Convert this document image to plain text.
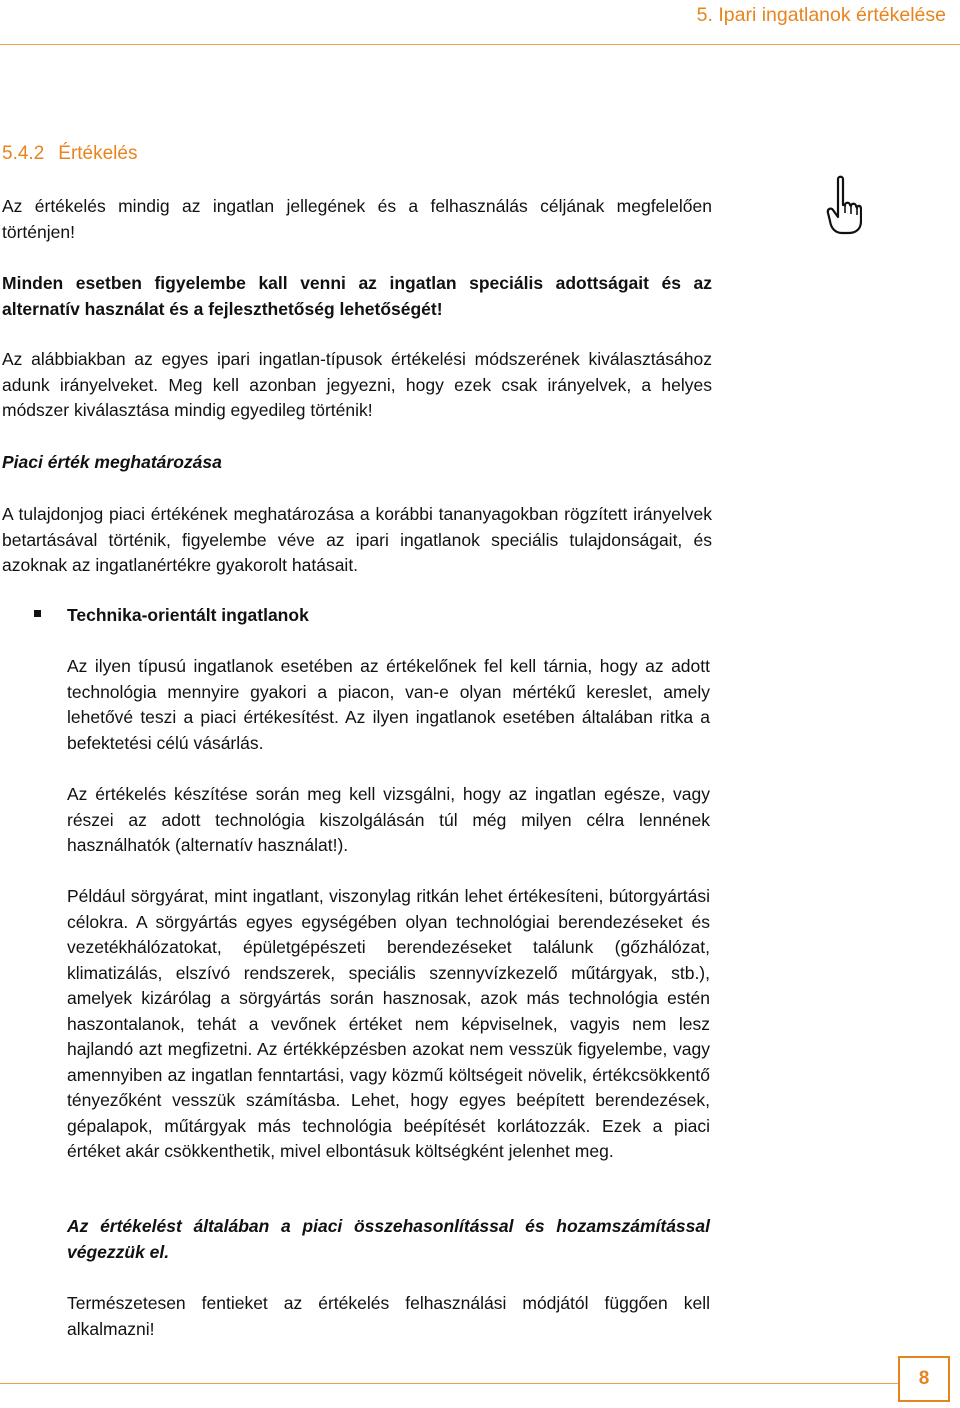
5. Ipari ingatlanok értékelése
5.4.2 Értékelés

Az értékelés mindig az ingatlan jellegének és a felhasználás céljának megfelelően történjen!

Minden esetben figyelembe kall venni az ingatlan speciális adottságait és az alternatív használat és a fejleszthetőség lehetőségét!

Az alábbiakban az egyes ipari ingatlan-típusok értékelési módszerének kiválasztásához adunk irányelveket. Meg kell azonban jegyezni, hogy ezek csak irányelvek, a helyes módszer kiválasztása mindig egyedileg történik!

Piaci érték meghatározása

A tulajdonjog piaci értékének meghatározása a korábbi tananyagokban rögzített irányelvek betartásával történik, figyelembe véve az ipari ingatlanok speciális tulajdonságait, és azoknak az ingatlanértékre gyakorolt hatásait.

Technika-orientált ingatlanok

Az ilyen típusú ingatlanok esetében az értékelőnek fel kell tárnia, hogy az adott technológia mennyire gyakori a piacon, van-e olyan mértékű kereslet, amely lehetővé teszi a piaci értékesítést. Az ilyen ingatlanok esetében általában ritka a befektetési célú vásárlás.

Az értékelés készítése során meg kell vizsgálni, hogy az ingatlan egésze, vagy részei az adott technológia kiszolgálásán túl még milyen célra lennének használhatók (alternatív használat!).

Például sörgyárat, mint ingatlant, viszonylag ritkán lehet értékesíteni, bútorgyártási célokra. A sörgyártás egyes egységében olyan technológiai berendezéseket és vezetékhálózatokat, épületgépészeti berendezéseket találunk (gőzhálózat, klimatizálás, elszívó rendszerek, speciális szennyvízkezelő műtárgyak, stb.), amelyek kizárólag a sörgyártás során hasznosak, azok más technológia estén haszontalanok, tehát a vevőnek értéket nem képviselnek, vagyis nem lesz hajlandó azt megfizetni. Az értékképzésben azokat nem vesszük figyelembe, vagy amennyiben az ingatlan fenntartási, vagy közmű költségeit növelik, értékcsökkentő tényezőként vesszük számításba. Lehet, hogy egyes beépített berendezések, gépalapok, műtárgyak más technológia beépítését korlátozzák. Ezek a piaci értéket akár csökkenthetik, mivel elbontásuk költségként jelenhet meg.

Az értékelést általában a piaci összehasonlítással és hozamszámítással végezzük el.

Természetesen fentieket az értékelés felhasználási módjától függően kell alkalmazni!

8
